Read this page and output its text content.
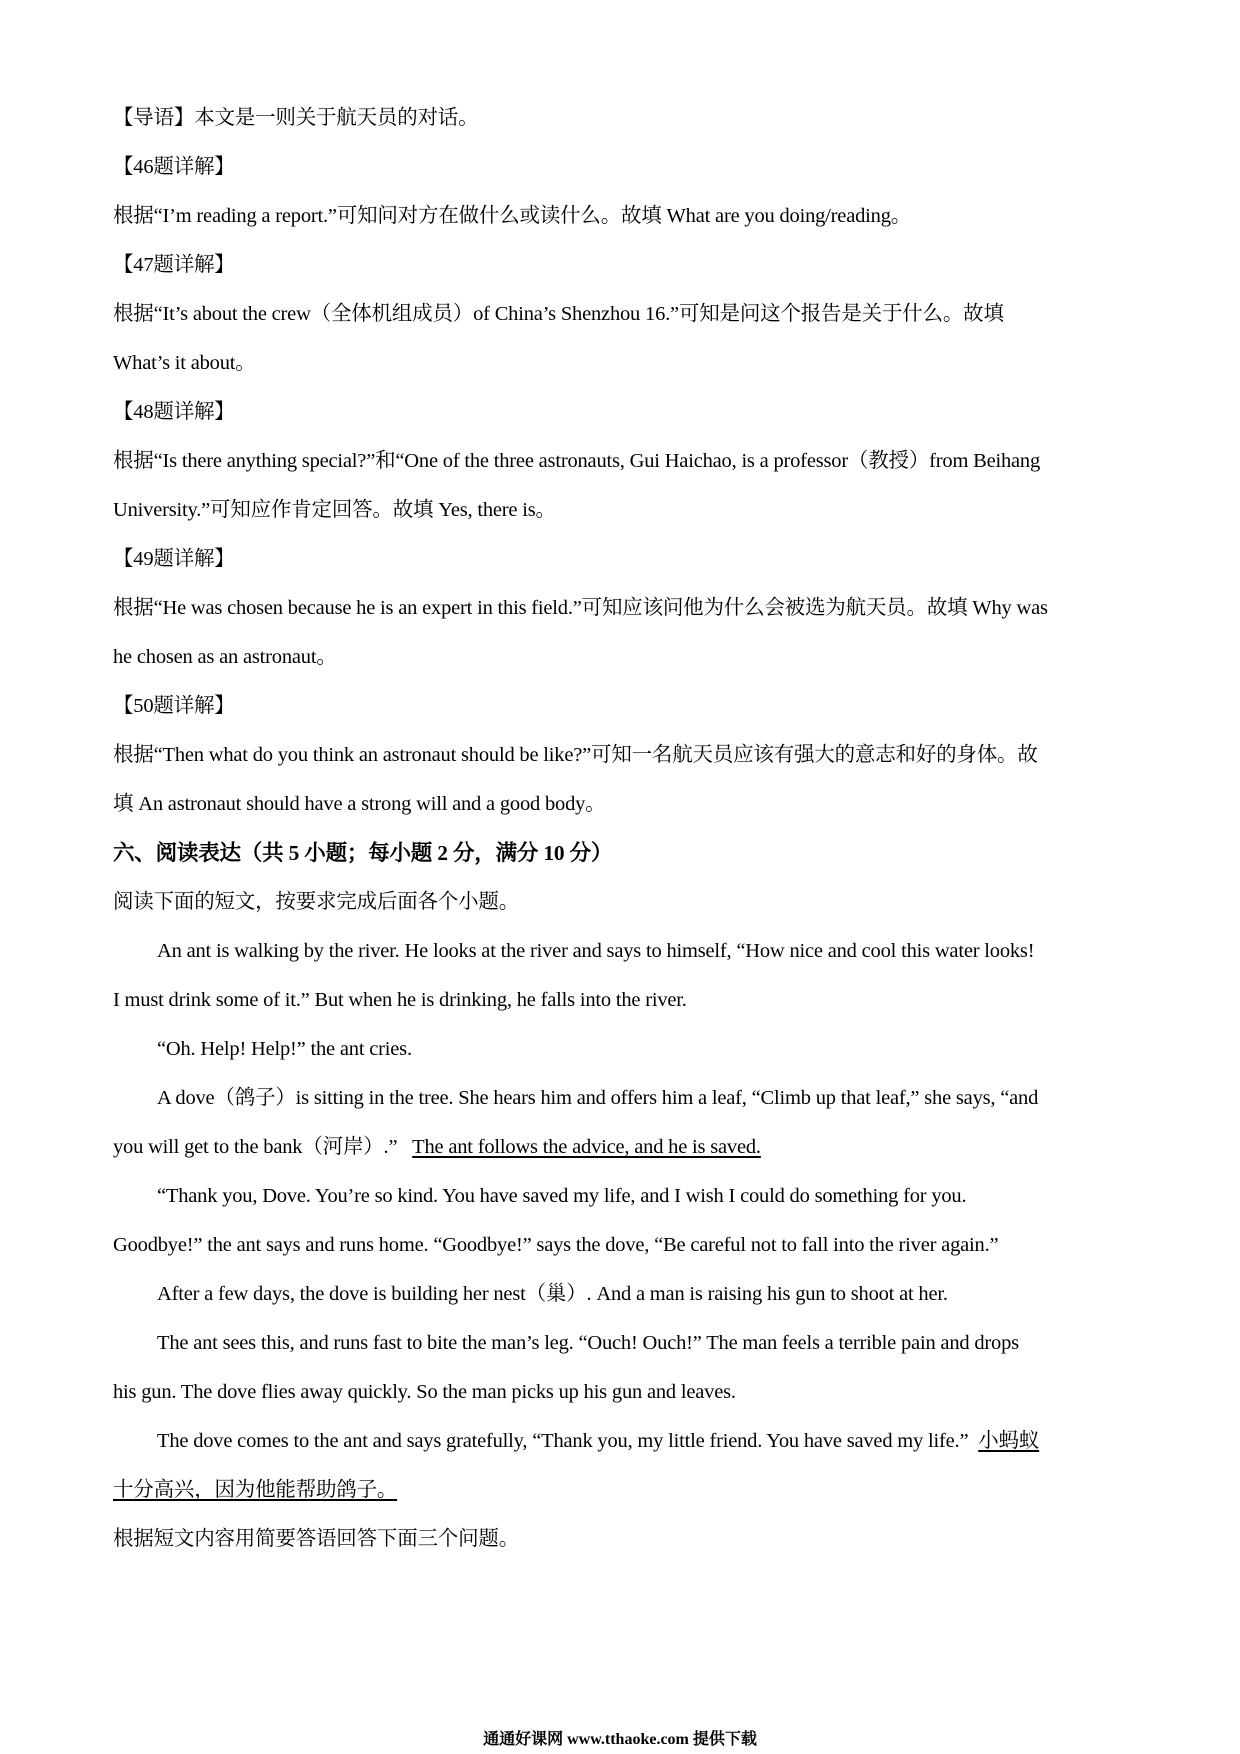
【导语】本文是一则关于航天员的对话。
【46题详解】
根据“I’m reading a report.”可知问对方在做什么或读什么。故填 What are you doing/reading。
【47题详解】
根据“It’s about the crew（全体机组成员）of China’s Shenzhou 16.”可知是问这个报告是关于什么。故填
What’s it about。
【48题详解】
根据“Is there anything special?”和“One of the three astronauts, Gui Haichao, is a professor（教授）from Beihang
University.”可知应作肯定回答。故填 Yes, there is。
【49题详解】
根据“He was chosen because he is an expert in this field.”可知应该问他为什么会被选为航天员。故填 Why was
he chosen as an astronaut。
【50题详解】
根据“Then what do you think an astronaut should be like?”可知一名航天员应该有强大的意志和好的身体。故
填 An astronaut should have a strong will and a good body。
六、阅读表达（共 5 小题；每小题 2 分，满分 10 分）
阅读下面的短文，按要求完成后面各个小题。
An ant is walking by the river. He looks at the river and says to himself, “How nice and cool this water looks!
I must drink some of it.” But when he is drinking, he falls into the river.
“Oh. Help! Help!” the ant cries.
A dove（鸽子）is sitting in the tree. She hears him and offers him a leaf, “Climb up that leaf,” she says, “and
you will get to the bank（河岸）.” The ant follows the advice, and he is saved.
“Thank you, Dove. You’re so kind. You have saved my life, and I wish I could do something for you.
Goodbye!” the ant says and runs home. “Goodbye!” says the dove, “Be careful not to fall into the river again.”
After a few days, the dove is building her nest（巢）. And a man is raising his gun to shoot at her.
The ant sees this, and runs fast to bite the man’s leg. “Ouch! Ouch!” The man feels a terrible pain and drops
his gun. The dove flies away quickly. So the man picks up his gun and leaves.
The dove comes to the ant and says gratefully, “Thank you, my little friend. You have saved my life.” 小蚂蚁
十分高兴，因为他能帮助鸽子。
根据短文内容用简要答语回答下面三个问题。
通通好课网 www.tthaoke.com 提供下载
